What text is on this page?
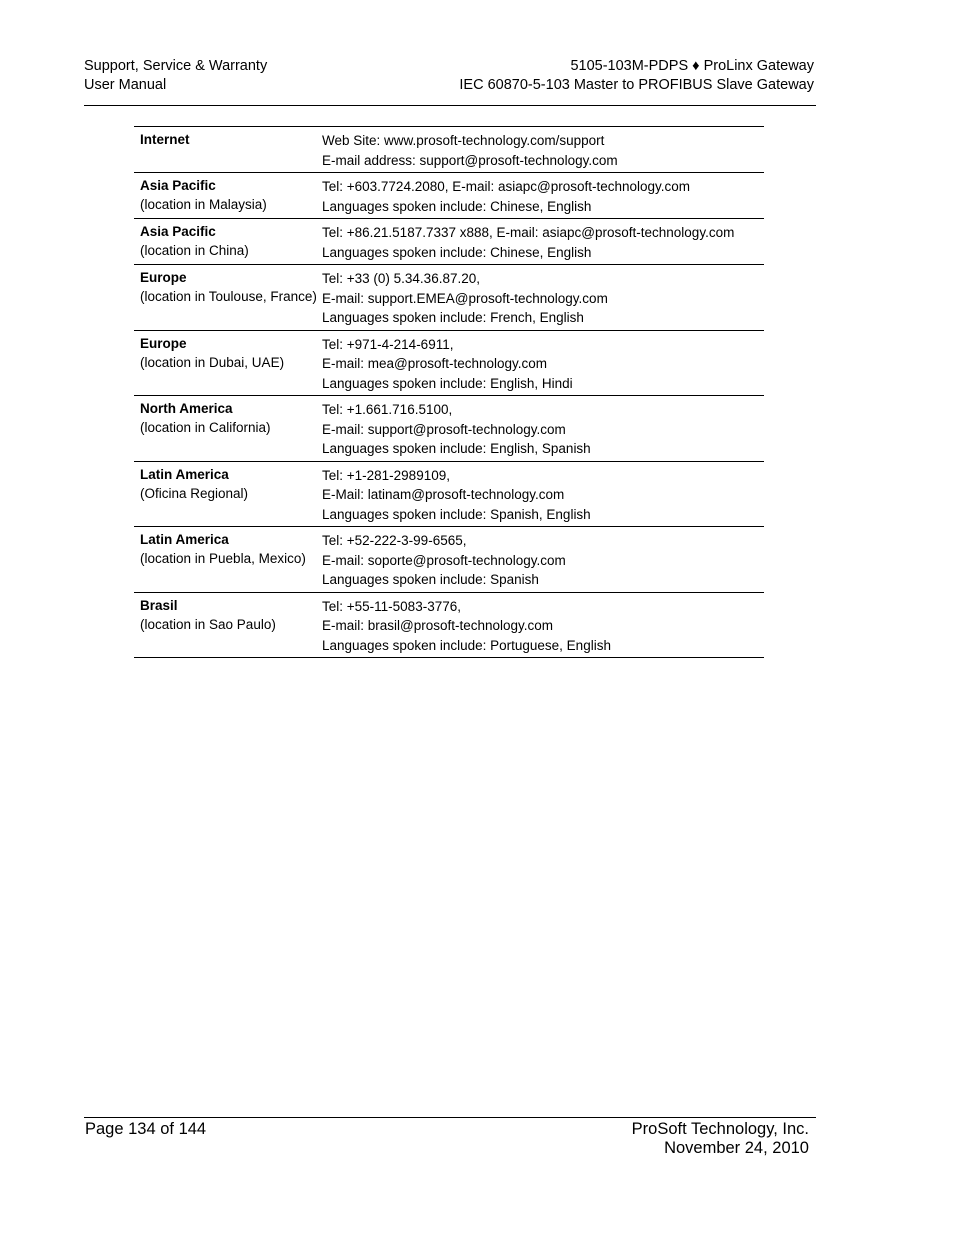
Support, Service & Warranty
User Manual
5105-103M-PDPS ♦ ProLinx Gateway
IEC 60870-5-103 Master to PROFIBUS Slave Gateway
Internet	Web Site: www.prosoft-technology.com/support
E-mail address: support@prosoft-technology.com
Asia Pacific
(location in Malaysia)
Tel: +603.7724.2080, E-mail: asiapc@prosoft-technology.com
Languages spoken include: Chinese, English
Asia Pacific
(location in China)
Tel: +86.21.5187.7337 x888, E-mail: asiapc@prosoft-technology.com
Languages spoken include: Chinese, English
Europe
(location in Toulouse, France)
Tel: +33 (0) 5.34.36.87.20,
E-mail: support.EMEA@prosoft-technology.com
Languages spoken include: French, English
Europe
(location in Dubai, UAE)
Tel: +971-4-214-6911,
E-mail: mea@prosoft-technology.com
Languages spoken include: English, Hindi
North America
(location in California)
Tel: +1.661.716.5100,
E-mail: support@prosoft-technology.com
Languages spoken include: English, Spanish
Latin America
(Oficina Regional)
Tel: +1-281-2989109,
E-Mail: latinam@prosoft-technology.com
Languages spoken include: Spanish, English
Latin America
(location in Puebla, Mexico)
Tel: +52-222-3-99-6565,
E-mail: soporte@prosoft-technology.com
Languages spoken include: Spanish
Brasil
(location in Sao Paulo)
Tel: +55-11-5083-3776,
E-mail: brasil@prosoft-technology.com
Languages spoken include: Portuguese, English
Page 134 of 144	ProSoft Technology, Inc.
November 24, 2010
